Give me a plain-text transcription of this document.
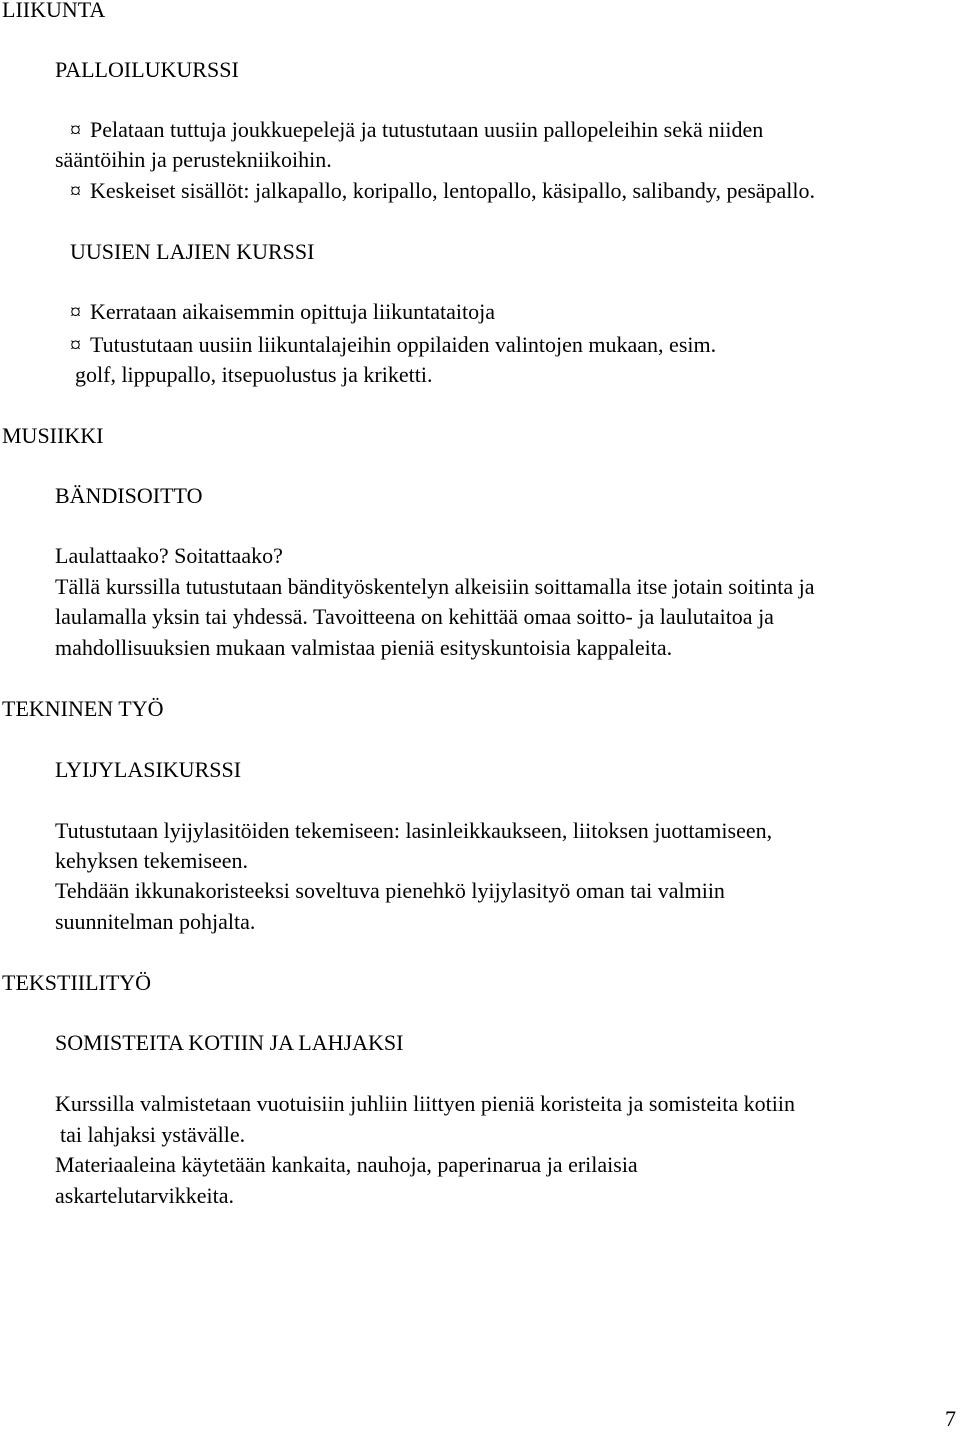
LIIKUNTA
PALLOILUKURSSI
¤ Pelataan tuttuja joukkuepelejä ja tutustutaan uusiin pallopeleihin sekä niiden
sääntöihin ja perustekniikoihin.
¤ Keskeiset sisällöt: jalkapallo, koripallo, lentopallo, käsipallo, salibandy, pesäpallo.
UUSIEN LAJIEN KURSSI
¤ Kerrataan aikaisemmin opittuja liikuntataitoja
¤ Tutustutaan uusiin liikuntalajeihin oppilaiden valintojen mukaan, esim.
golf, lippupallo, itsepuolustus ja kriketti.
MUSIIKKI
BÄNDISOITTO
Laulattaako? Soitattaako?
Tällä kurssilla tutustutaan bändityöskentelyn alkeisiin soittamalla itse jotain soitinta ja
laulamalla yksin tai yhdessä. Tavoitteena on kehittää omaa soitto- ja laulutaitoa ja
mahdollisuuksien mukaan valmistaa pieniä esityskuntoisia kappaleita.
TEKNINEN TYÖ
LYIJYLASIKURSSI
Tutustutaan lyijylasitöiden tekemiseen: lasinleikkaukseen, liitoksen juottamiseen,
kehyksen tekemiseen.
Tehdään ikkunakoristeeksi soveltuva pienehkö lyijylasityö oman tai valmiin
suunnitelman pohjalta.
TEKSTIILITYÖ
SOMISTEITA KOTIIN JA LAHJAKSI
Kurssilla valmistetaan vuotuisiin juhliin liittyen pieniä koristeita ja somisteita kotiin
tai lahjaksi ystävälle.
Materiaaleina käytetään kankaita, nauhoja, paperinarua ja erilaisia
askartelutarvikkeita.
7
